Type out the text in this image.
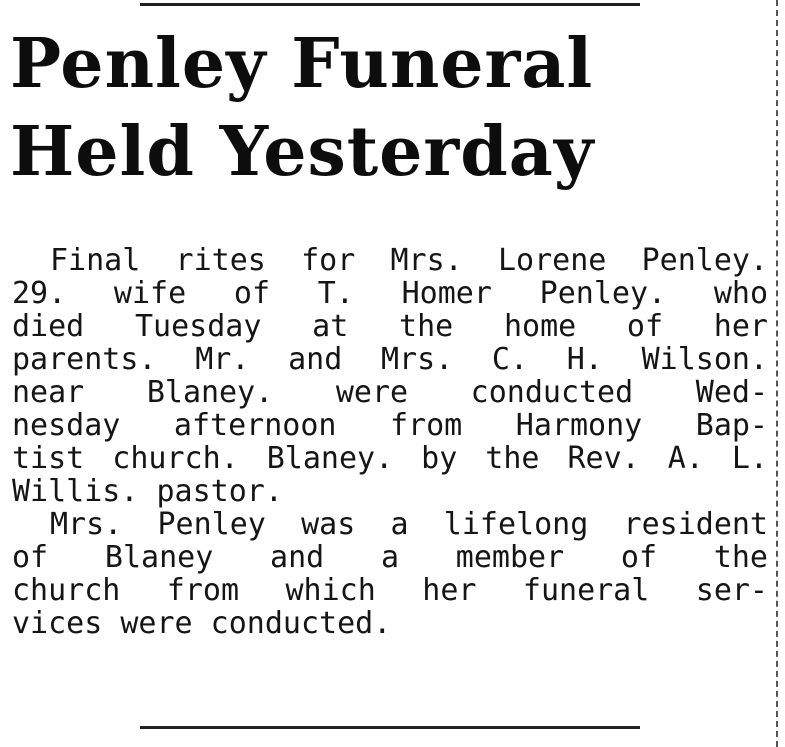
Penley Funeral
Held Yesterday
Final rites for Mrs. Lorene Penley.
29. wife of T. Homer Penley. who
died Tuesday at the home of her
parents. Mr. and Mrs. C. H. Wilson.
near Blaney. were conducted Wed-
nesday afternoon from Harmony Bap-
tist church. Blaney. by the Rev. A. L.
Willis. pastor.
Mrs. Penley was a lifelong resident
of Blaney and a member of the
church from which her funeral ser-
vices were conducted.
